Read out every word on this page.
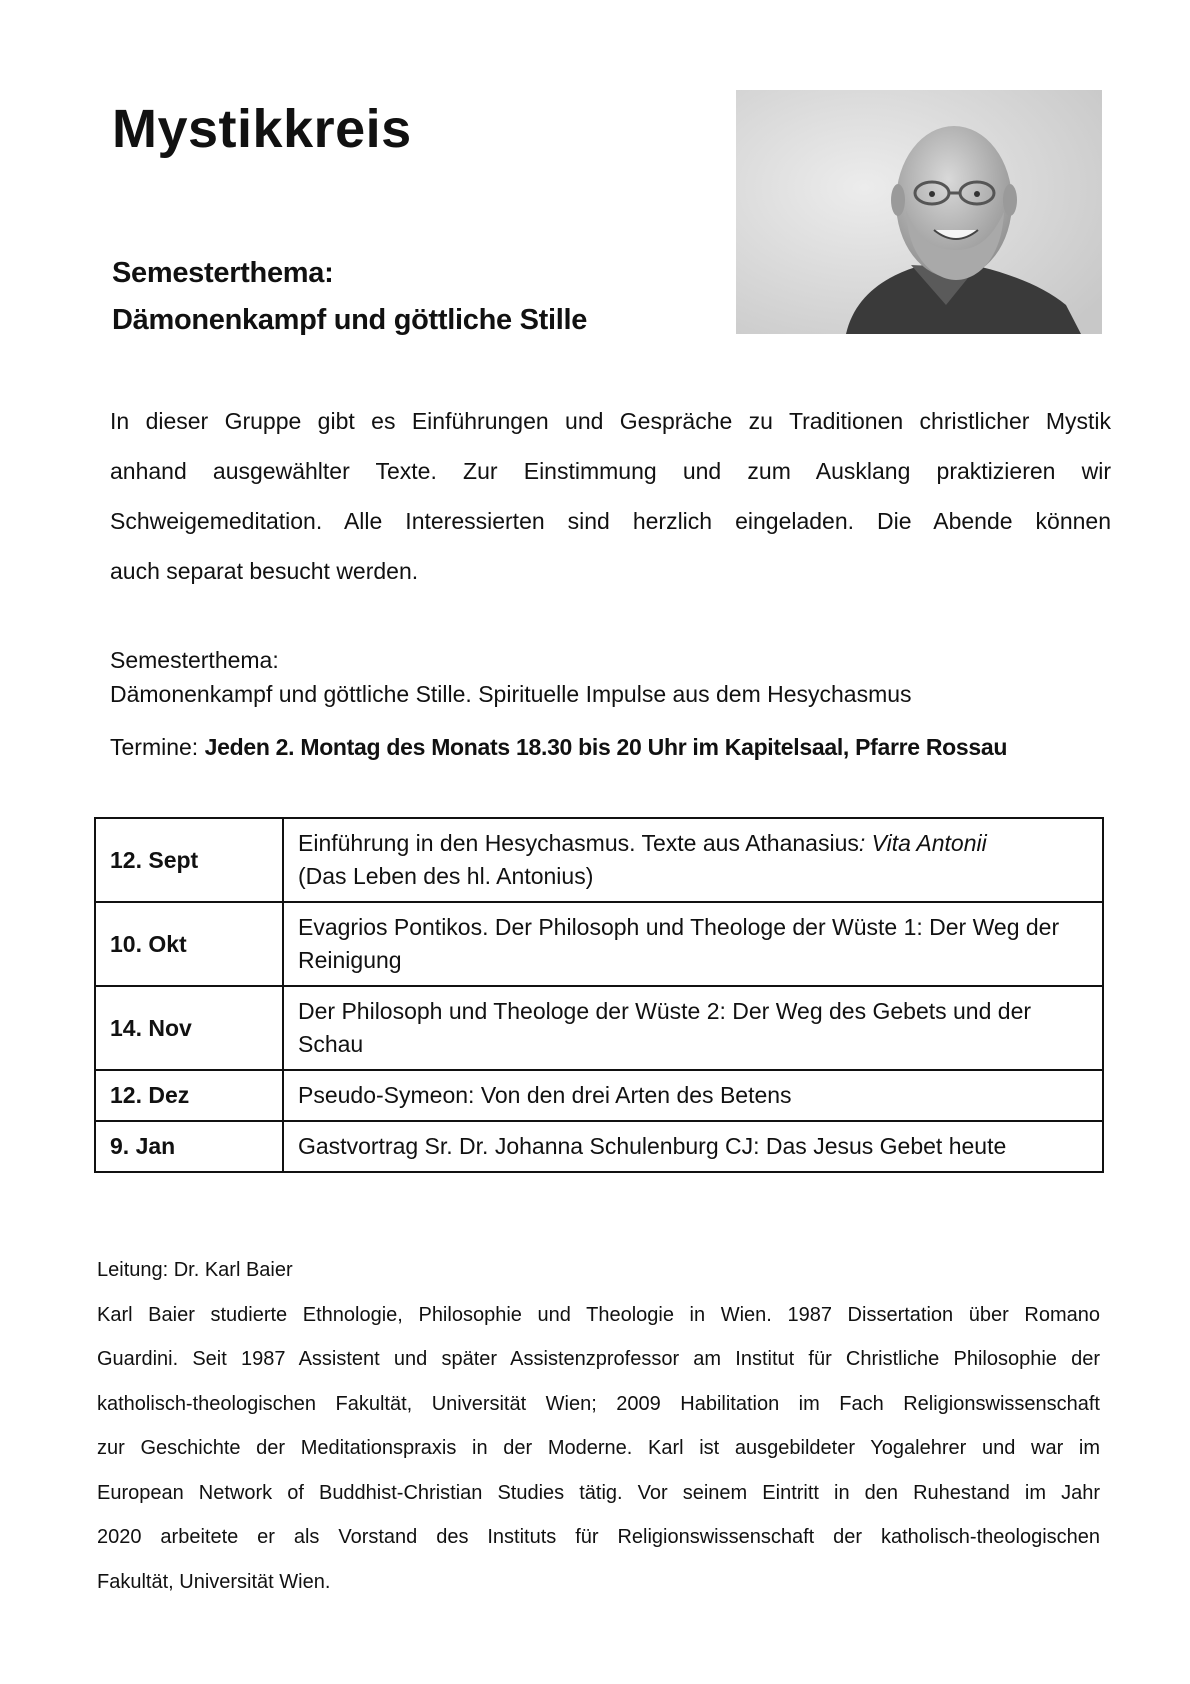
Mystikkreis
Semesterthema:
Dämonenkampf und göttliche Stille
In dieser Gruppe gibt es Einführungen und Gespräche zu Traditionen christlicher Mystik
anhand ausgewählter Texte. Zur Einstimmung und zum Ausklang praktizieren wir
Schweigemeditation. Alle Interessierten sind herzlich eingeladen. Die Abende können
auch separat besucht werden.
Semesterthema:
Dämonenkampf und göttliche Stille. Spirituelle Impulse aus dem Hesychasmus
Termine: Jeden 2. Montag des Monats 18.30 bis 20 Uhr im Kapitelsaal, Pfarre Rossau
12. Sept	Einführung in den Hesychasmus. Texte aus Athanasius: Vita Antonii
(Das Leben des hl. Antonius)
10. Okt	Evagrios Pontikos. Der Philosoph und Theologe der Wüste 1: Der Weg der Reinigung
14. Nov	Der Philosoph und Theologe der Wüste 2: Der Weg des Gebets und der Schau
12. Dez	Pseudo-Symeon: Von den drei Arten des Betens
9. Jan	Gastvortrag Sr. Dr. Johanna Schulenburg CJ: Das Jesus Gebet heute
Leitung: Dr. Karl Baier
Karl Baier studierte Ethnologie, Philosophie und Theologie in Wien. 1987 Dissertation über Romano
Guardini. Seit 1987 Assistent und später Assistenzprofessor am Institut für Christliche Philosophie der
katholisch-theologischen Fakultät, Universität Wien; 2009 Habilitation im Fach Religionswissenschaft
zur Geschichte der Meditationspraxis in der Moderne. Karl ist ausgebildeter Yogalehrer und war im
European Network of Buddhist-Christian Studies tätig. Vor seinem Eintritt in den Ruhestand im Jahr
2020 arbeitete er als Vorstand des Instituts für Religionswissenschaft der katholisch-theologischen
Fakultät, Universität Wien.
